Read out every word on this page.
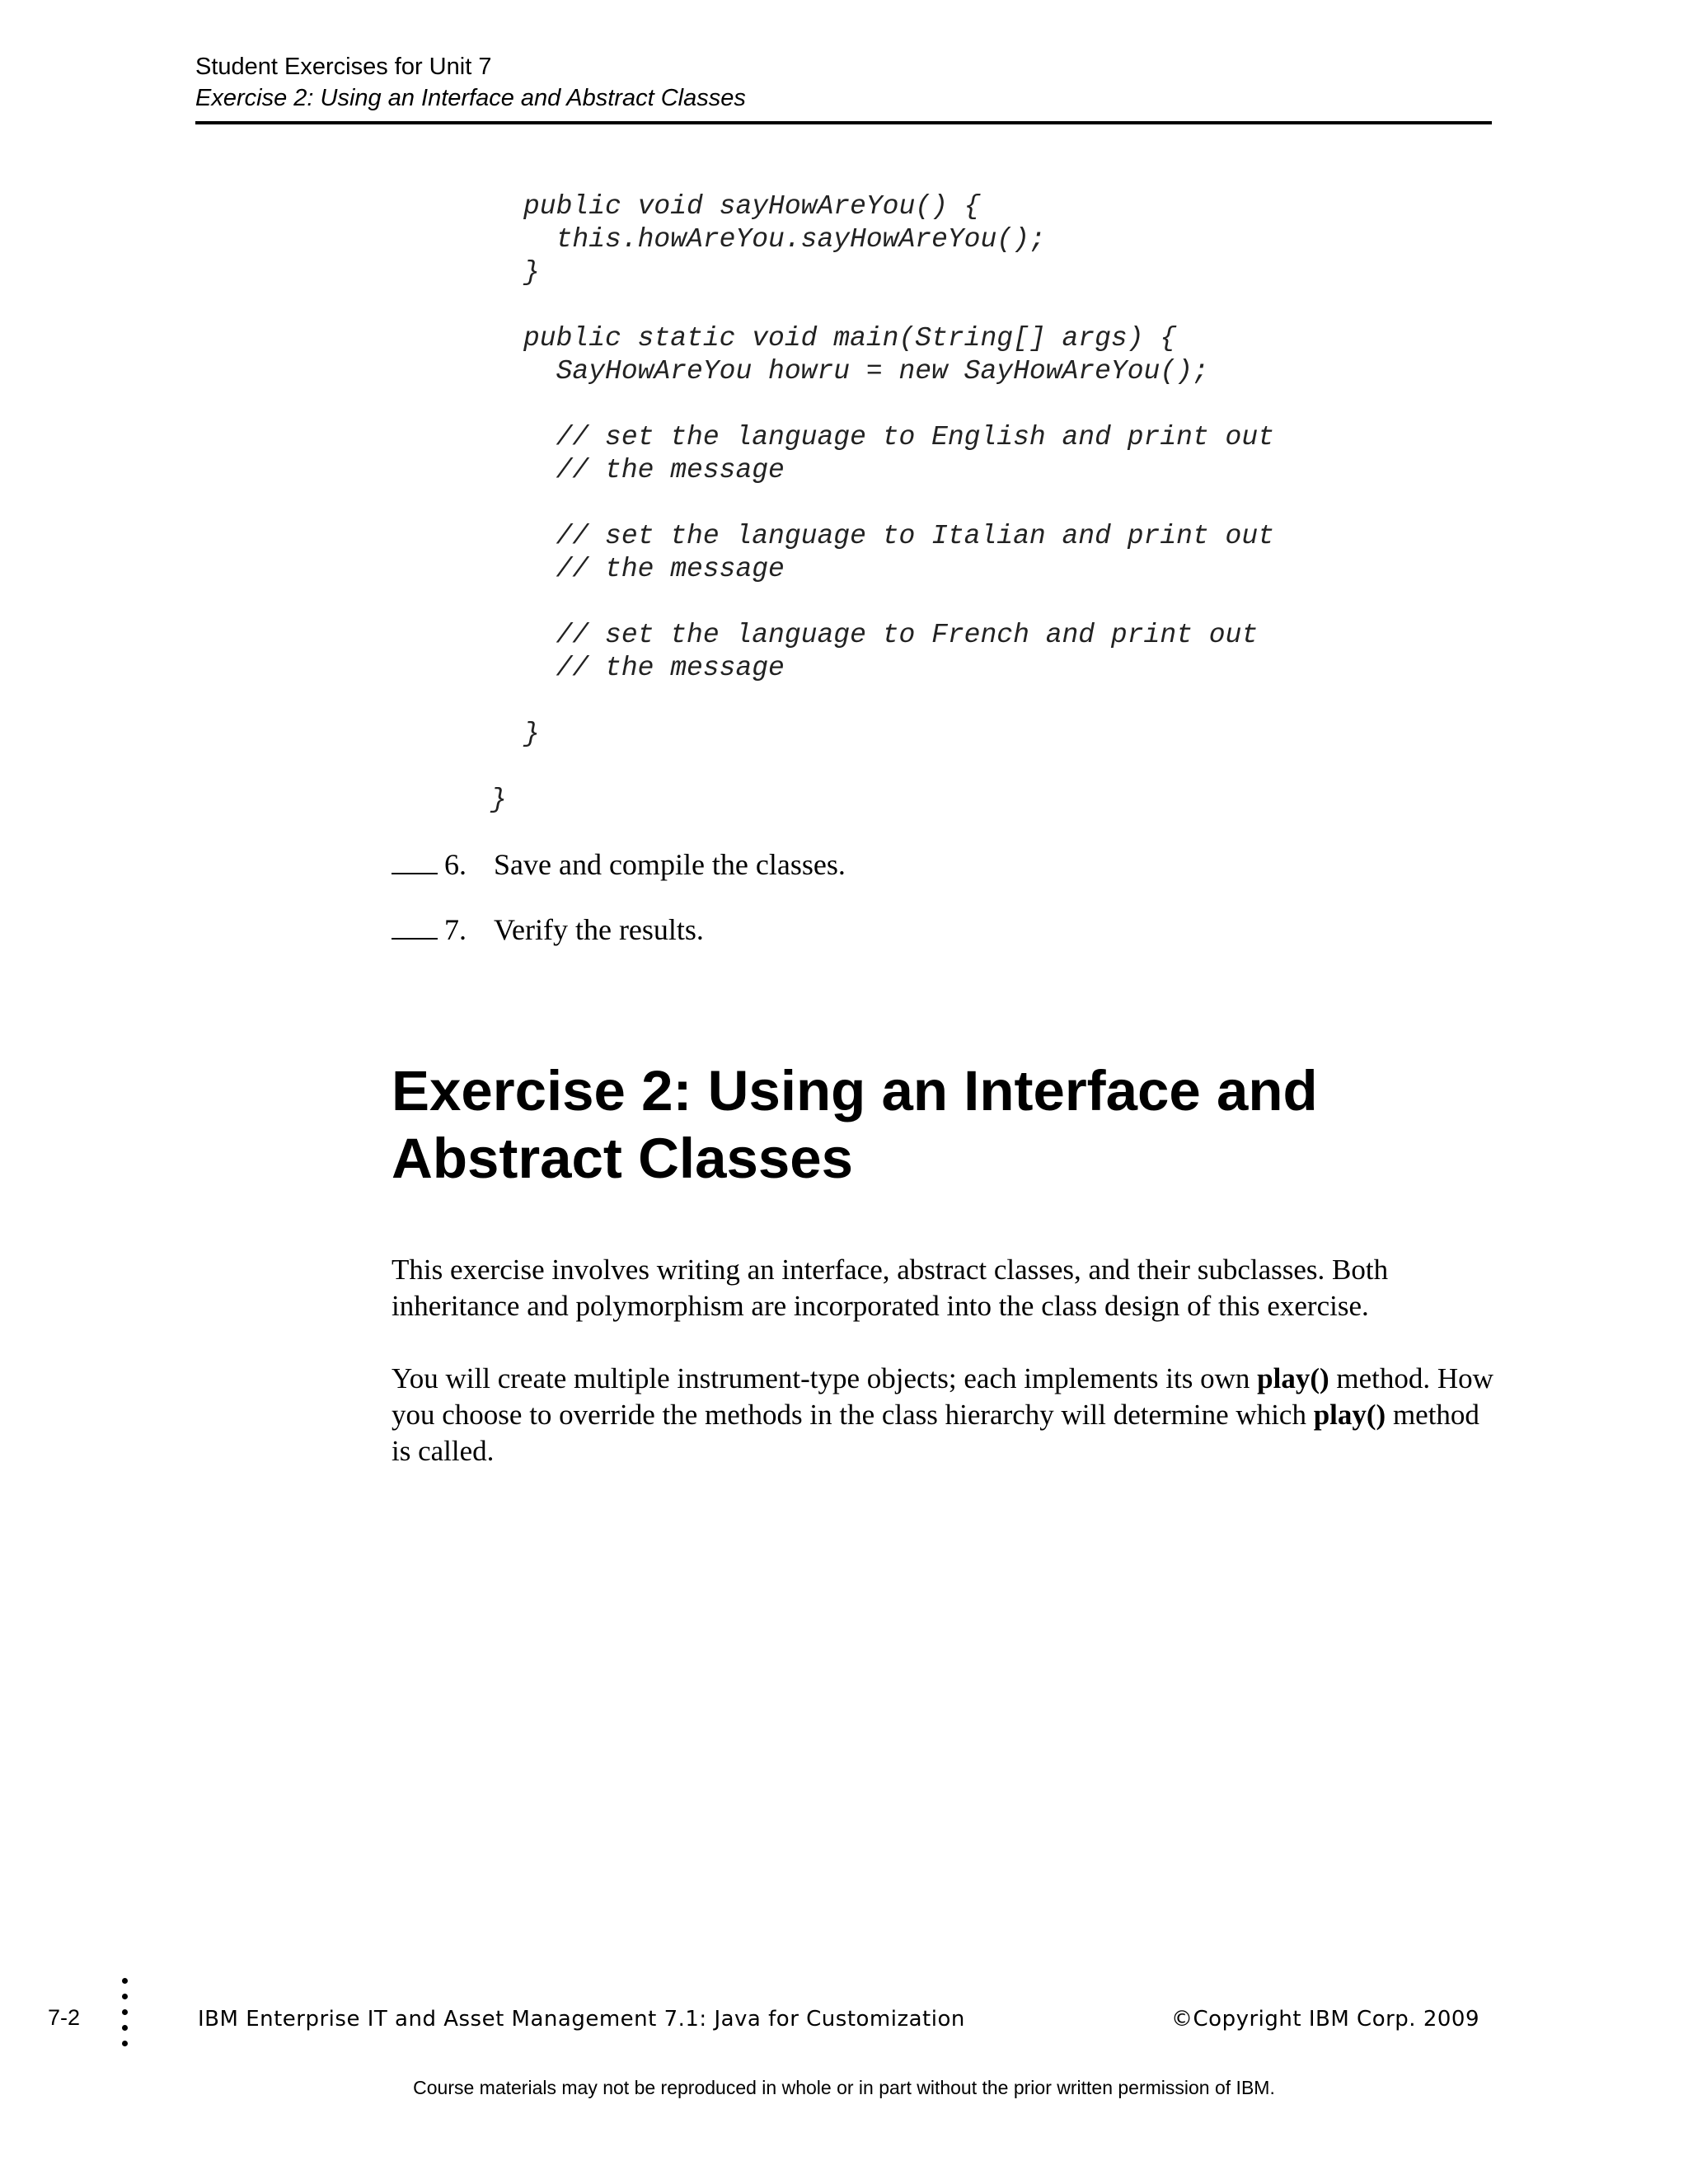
Student Exercises for Unit 7
Exercise 2: Using an Interface and Abstract Classes
public void sayHowAreYou() {
this.howAreYou.sayHowAreYou();
}

public static void main(String[] args) {
SayHowAreYou howru = new SayHowAreYou();

// set the language to English and print out
// the message

// set the language to Italian and print out
// the message

// set the language to French and print out
// the message

}
}
6. Save and compile the classes.
7. Verify the results.
Exercise 2: Using an Interface and Abstract Classes

This exercise involves writing an interface, abstract classes, and their subclasses. Both inheritance and polymorphism are incorporated into the class design of this exercise.

You will create multiple instrument-type objects; each implements its own play() method. How you choose to override the methods in the class hierarchy will determine which play() method is called.

7-2	IBM Enterprise IT and Asset Management 7.1: Java for Customization	©Copyright IBM Corp. 2009
Course materials may not be reproduced in whole or in part without the prior written permission of IBM.
